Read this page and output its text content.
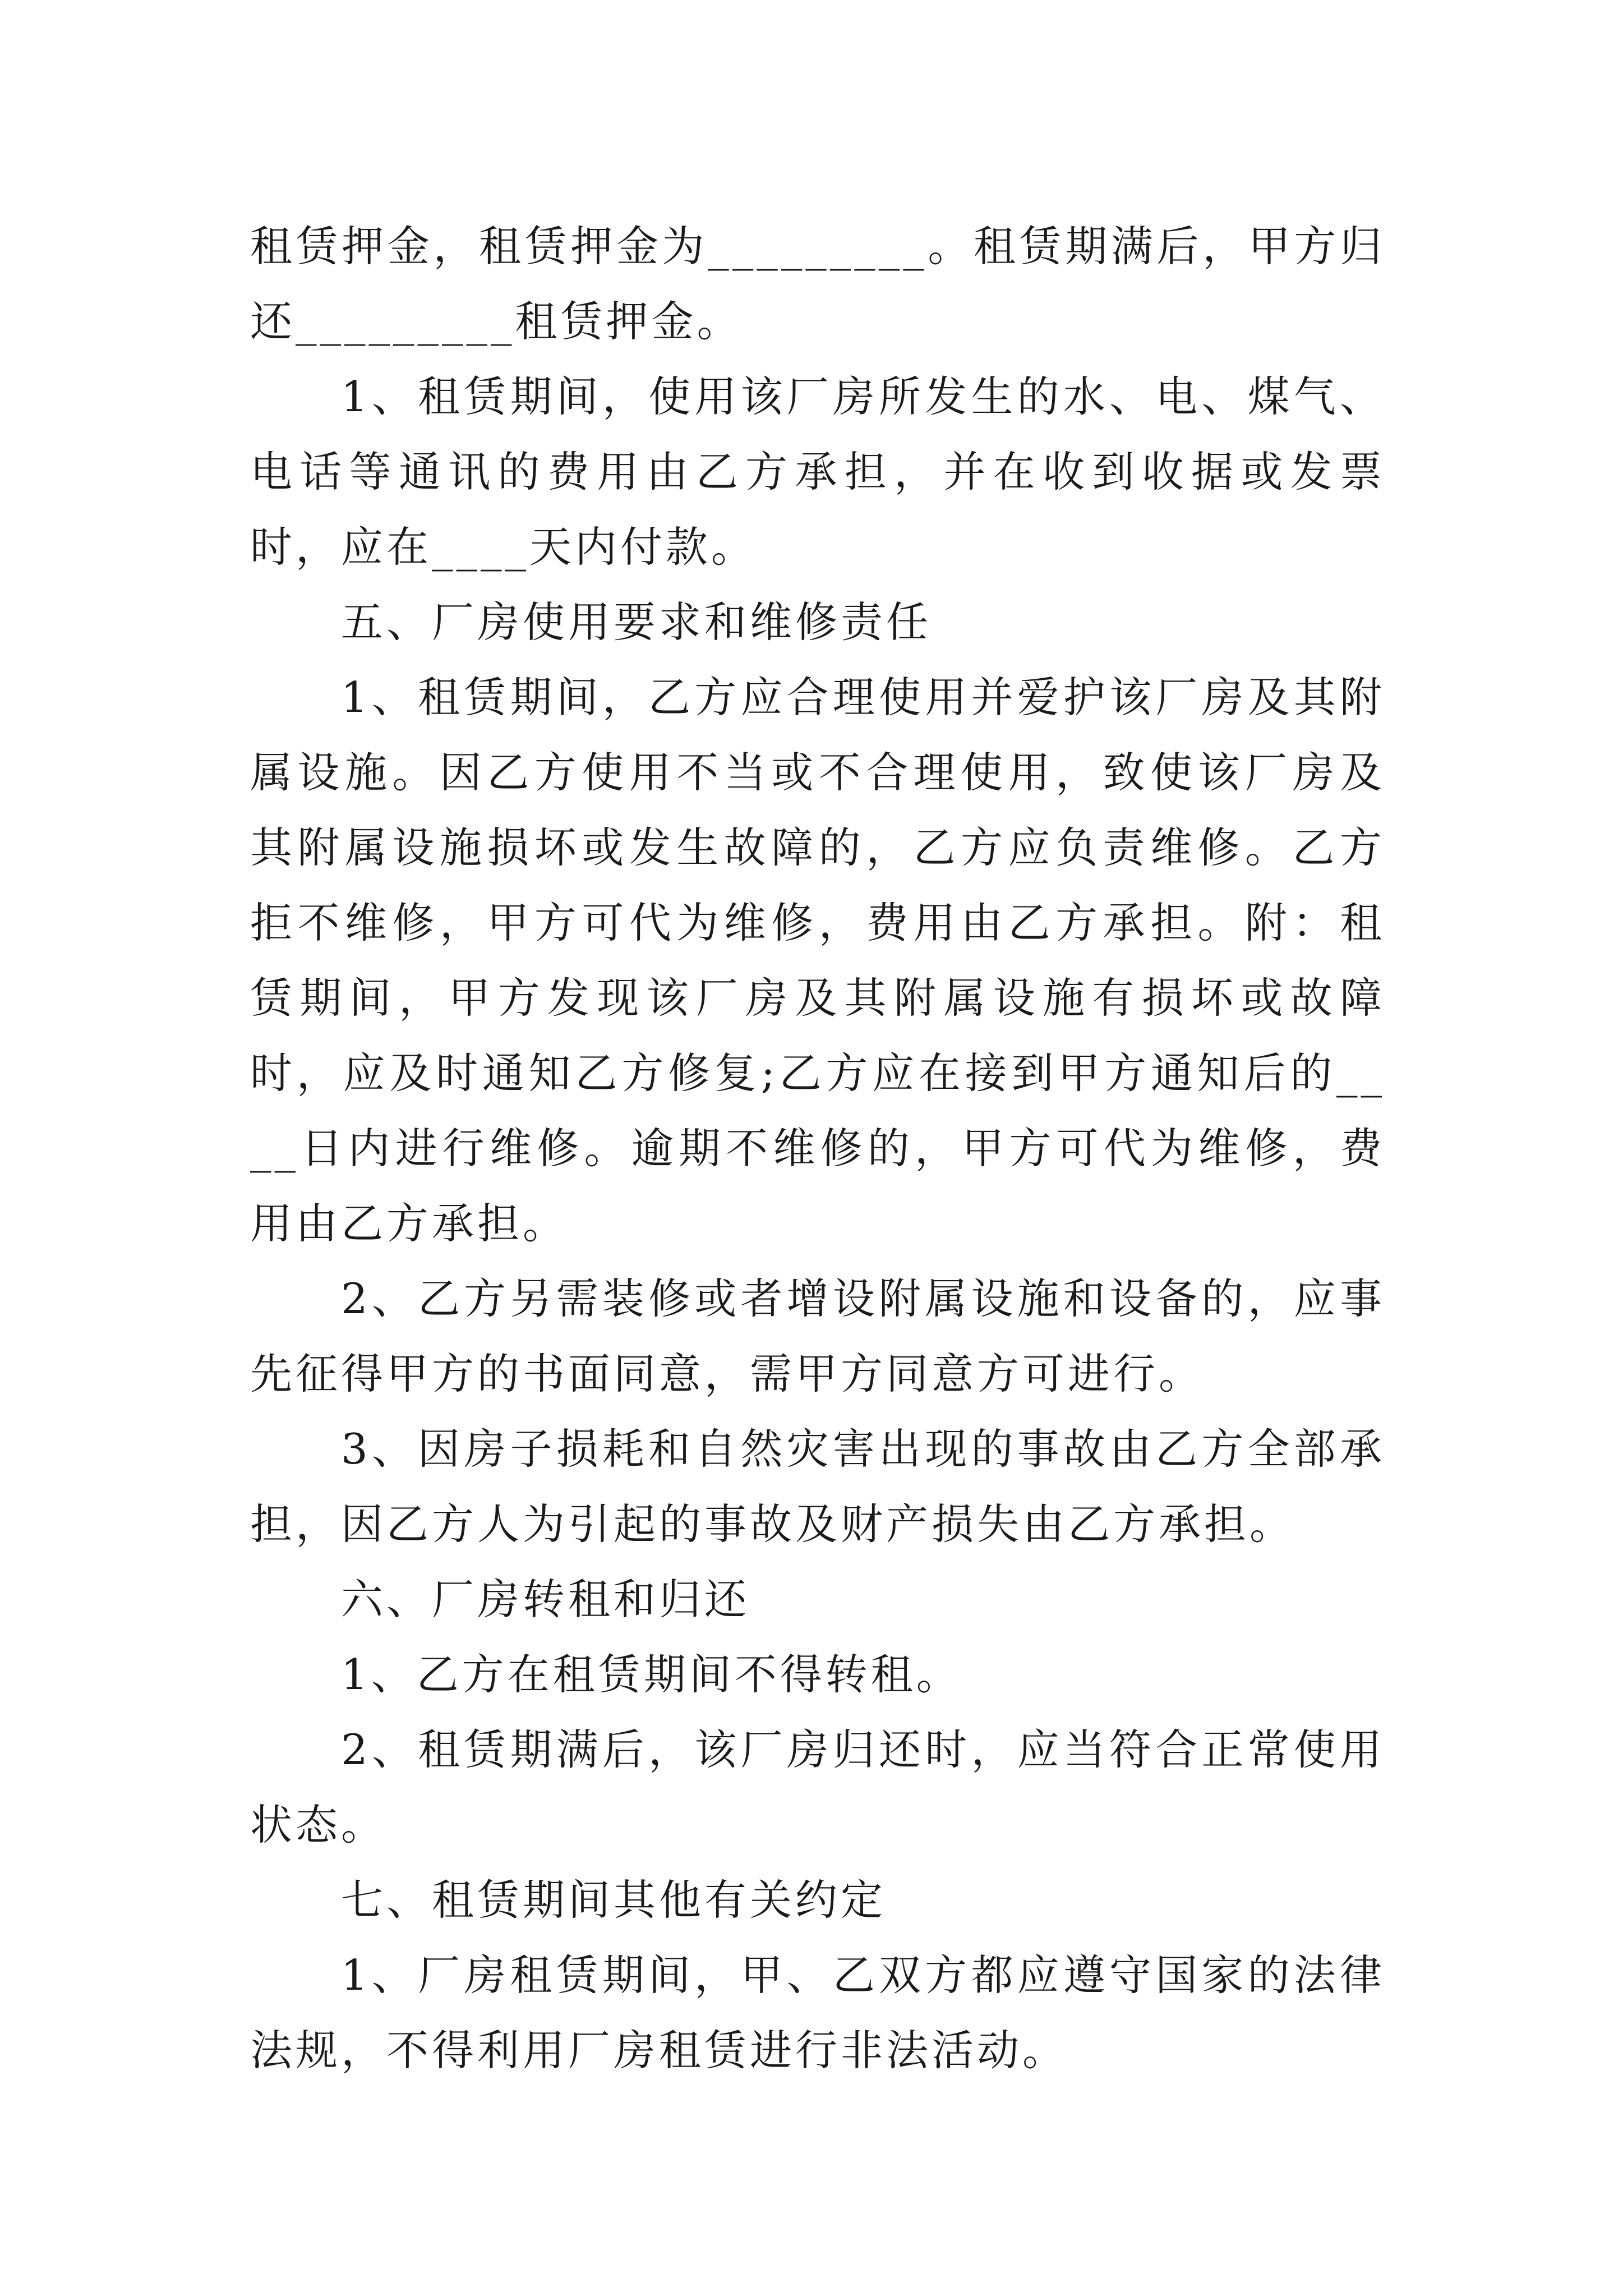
租赁押金，租赁押金为_________。租赁期满后，甲方归还_________租赁押金。

1、租赁期间，使用该厂房所发生的水、电、煤气、电话等通讯的费用由乙方承担，并在收到收据或发票时，应在____天内付款。

五、厂房使用要求和维修责任

1、租赁期间，乙方应合理使用并爱护该厂房及其附属设施。因乙方使用不当或不合理使用，致使该厂房及其附属设施损坏或发生故障的，乙方应负责维修。乙方拒不维修，甲方可代为维修，费用由乙方承担。附：租赁期间，甲方发现该厂房及其附属设施有损坏或故障时，应及时通知乙方修复;乙方应在接到甲方通知后的____日内进行维修。逾期不维修的，甲方可代为维修，费用由乙方承担。

2、乙方另需装修或者增设附属设施和设备的，应事先征得甲方的书面同意，需甲方同意方可进行。

3、因房子损耗和自然灾害出现的事故由乙方全部承担，因乙方人为引起的事故及财产损失由乙方承担。

六、厂房转租和归还

1、乙方在租赁期间不得转租。

2、租赁期满后，该厂房归还时，应当符合正常使用状态。

七、租赁期间其他有关约定

1、厂房租赁期间，甲、乙双方都应遵守国家的法律法规，不得利用厂房租赁进行非法活动。
